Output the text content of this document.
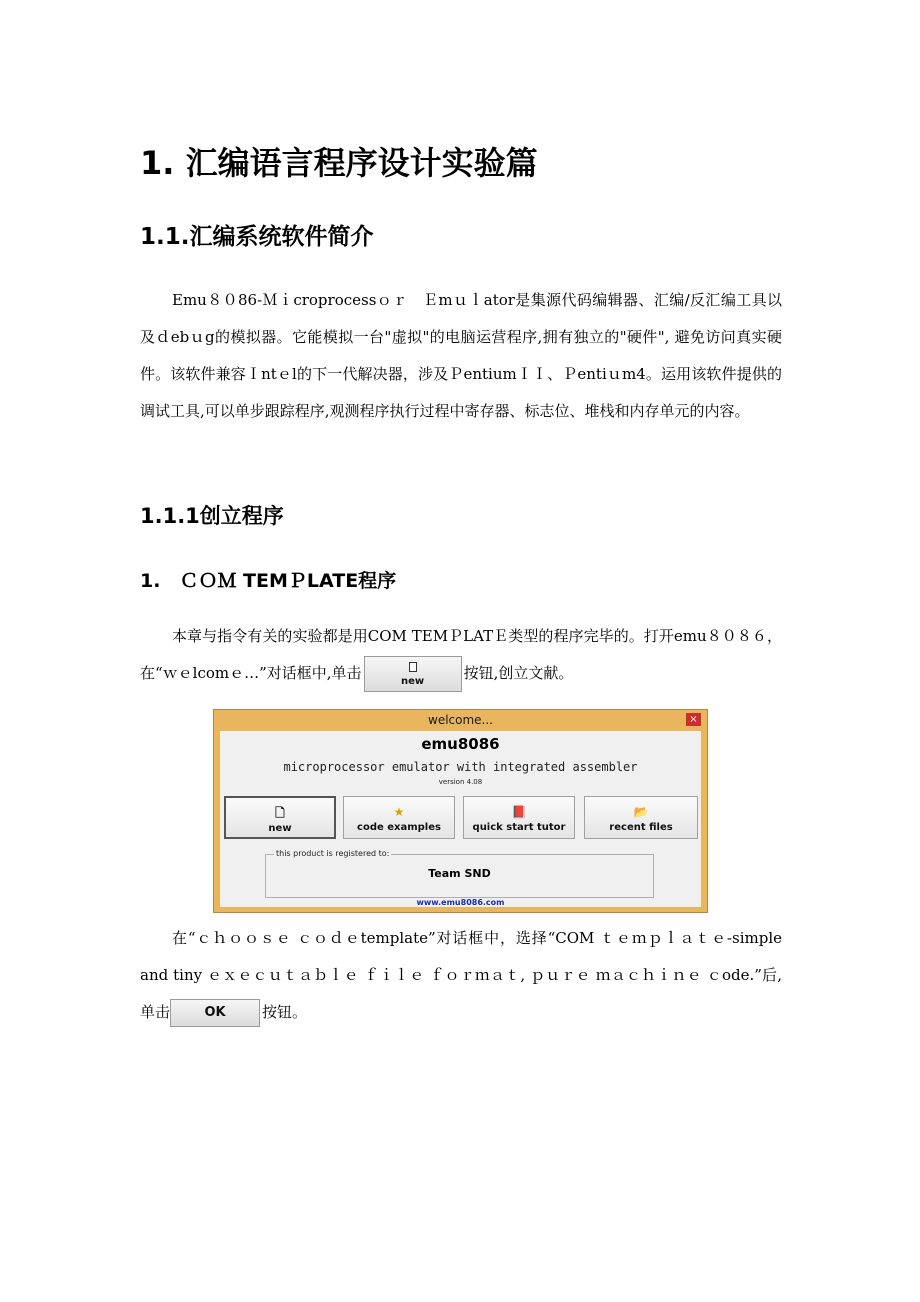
1. 汇编语言程序设计实验篇
1.1.汇编系统软件简介

Emu８０86-Ｍｉcroprocessｏｒ　Ｅmｕｌator是集源代码编辑器、汇编/反汇编工具以及ｄebｕg的模拟器。它能模拟一台"虚拟"的电脑运营程序,拥有独立的"硬件", 避免访问真实硬件。该软件兼容Ｉntｅl的下一代解决器，涉及ＰentiumＩＩ、Ｐentiｕm4。运用该软件提供的调试工具,可以单步跟踪程序,观测程序执行过程中寄存器、标志位、堆栈和内存单元的内容。

1.1.1创立程序
1.　ＣＯＭ TEMＰLATE程序

本章与指令有关的实验都是用COM TEMＰLATＥ类型的程序完毕的。打开emu８０８６，在“ｗｅlcomｅ…”对话框中,单击	new	按钮,创立文献。

welcome...	×
emu8086
microprocessor emulator with integrated assembler
version 4.08
🗋
new
★
code examples
📕
quick start tutor
📂
recent files
this product is registered to:
Team SND
www.emu8086.com

在“ｃｈｏｏｓｅ ｃｏｄｅtemplate”对话框中，选择“COM ｔｅｍｐｌａｔｅ-simple and tiny ｅｘｅｃｕｔａｂｌｅ ｆｉｌｅ ｆｏｒｍａｔ, ｐｕｒｅ ｍａｃｈｉｎｅ ｃode.”后,单击	OK 按钮。
